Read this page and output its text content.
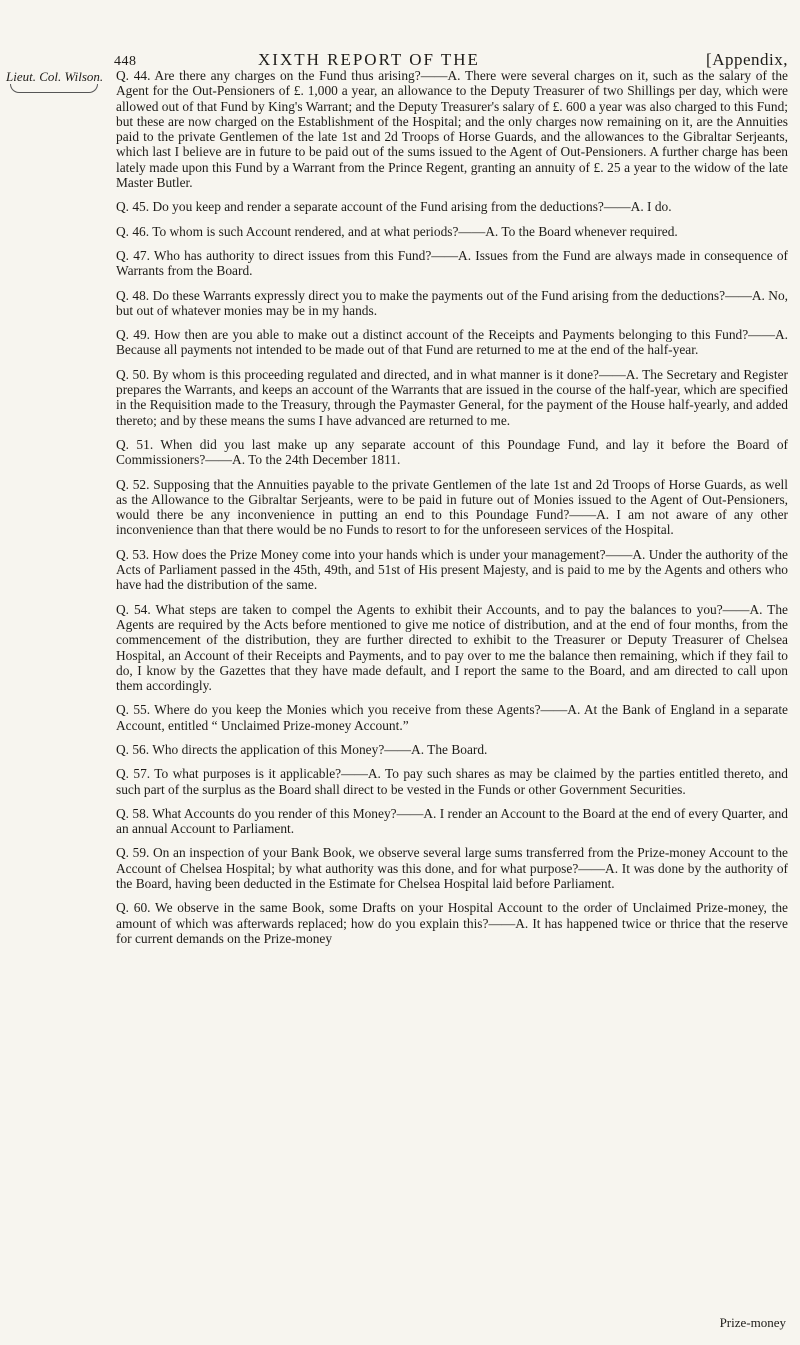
448	XIXTH REPORT OF THE	[Appendix,
Lieut. Col. Wilson. Q. 44. Are there any charges on the Fund thus arising?——A. There were several charges on it, such as the salary of the Agent for the Out-Pensioners of £. 1,000 a year, an allowance to the Deputy Treasurer of two Shillings per day, which were allowed out of that Fund by King's Warrant; and the Deputy Treasurer's salary of £. 600 a year was also charged to this Fund; but these are now charged on the Establishment of the Hospital; and the only charges now remaining on it, are the Annuities paid to the private Gentlemen of the late 1st and 2d Troops of Horse Guards, and the allowances to the Gibraltar Serjeants, which last I believe are in future to be paid out of the sums issued to the Agent of Out-Pensioners. A further charge has been lately made upon this Fund by a Warrant from the Prince Regent, granting an annuity of £. 25 a year to the widow of the late Master Butler.

Q. 45. Do you keep and render a separate account of the Fund arising from the deductions?——A. I do.

Q. 46. To whom is such Account rendered, and at what periods?——A. To the Board whenever required.

Q. 47. Who has authority to direct issues from this Fund?——A. Issues from the Fund are always made in consequence of Warrants from the Board.

Q. 48. Do these Warrants expressly direct you to make the payments out of the Fund arising from the deductions?——A. No, but out of whatever monies may be in my hands.

Q. 49. How then are you able to make out a distinct account of the Receipts and Payments belonging to this Fund?——A. Because all payments not intended to be made out of that Fund are returned to me at the end of the half-year.

Q. 50. By whom is this proceeding regulated and directed, and in what manner is it done?——A. The Secretary and Register prepares the Warrants, and keeps an account of the Warrants that are issued in the course of the half-year, which are specified in the Requisition made to the Treasury, through the Paymaster General, for the payment of the House half-yearly, and added thereto; and by these means the sums I have advanced are returned to me.

Q. 51. When did you last make up any separate account of this Poundage Fund, and lay it before the Board of Commissioners?——A. To the 24th December 1811.

Q. 52. Supposing that the Annuities payable to the private Gentlemen of the late 1st and 2d Troops of Horse Guards, as well as the Allowance to the Gibraltar Serjeants, were to be paid in future out of Monies issued to the Agent of Out-Pensioners, would there be any inconvenience in putting an end to this Poundage Fund?——A. I am not aware of any other inconvenience than that there would be no Funds to resort to for the unforeseen services of the Hospital.

Q. 53. How does the Prize Money come into your hands which is under your management?——A. Under the authority of the Acts of Parliament passed in the 45th, 49th, and 51st of His present Majesty, and is paid to me by the Agents and others who have had the distribution of the same.

Q. 54. What steps are taken to compel the Agents to exhibit their Accounts, and to pay the balances to you?——A. The Agents are required by the Acts before mentioned to give me notice of distribution, and at the end of four months, from the commencement of the distribution, they are further directed to exhibit to the Treasurer or Deputy Treasurer of Chelsea Hospital, an Account of their Receipts and Payments, and to pay over to me the balance then remaining, which if they fail to do, I know by the Gazettes that they have made default, and I report the same to the Board, and am directed to call upon them accordingly.

Q. 55. Where do you keep the Monies which you receive from these Agents?——A. At the Bank of England in a separate Account, entitled “ Unclaimed Prize-money Account.”

Q. 56. Who directs the application of this Money?——A. The Board.

Q. 57. To what purposes is it applicable?——A. To pay such shares as may be claimed by the parties entitled thereto, and such part of the surplus as the Board shall direct to be vested in the Funds or other Government Securities.

Q. 58. What Accounts do you render of this Money?——A. I render an Account to the Board at the end of every Quarter, and an annual Account to Parliament.

Q. 59. On an inspection of your Bank Book, we observe several large sums transferred from the Prize-money Account to the Account of Chelsea Hospital; by what authority was this done, and for what purpose?——A. It was done by the authority of the Board, having been deducted in the Estimate for Chelsea Hospital laid before Parliament.

Q. 60. We observe in the same Book, some Drafts on your Hospital Account to the order of Unclaimed Prize-money, the amount of which was afterwards replaced; how do you explain this?——A. It has happened twice or thrice that the reserve for current demands on the Prize-money

Prize-money
